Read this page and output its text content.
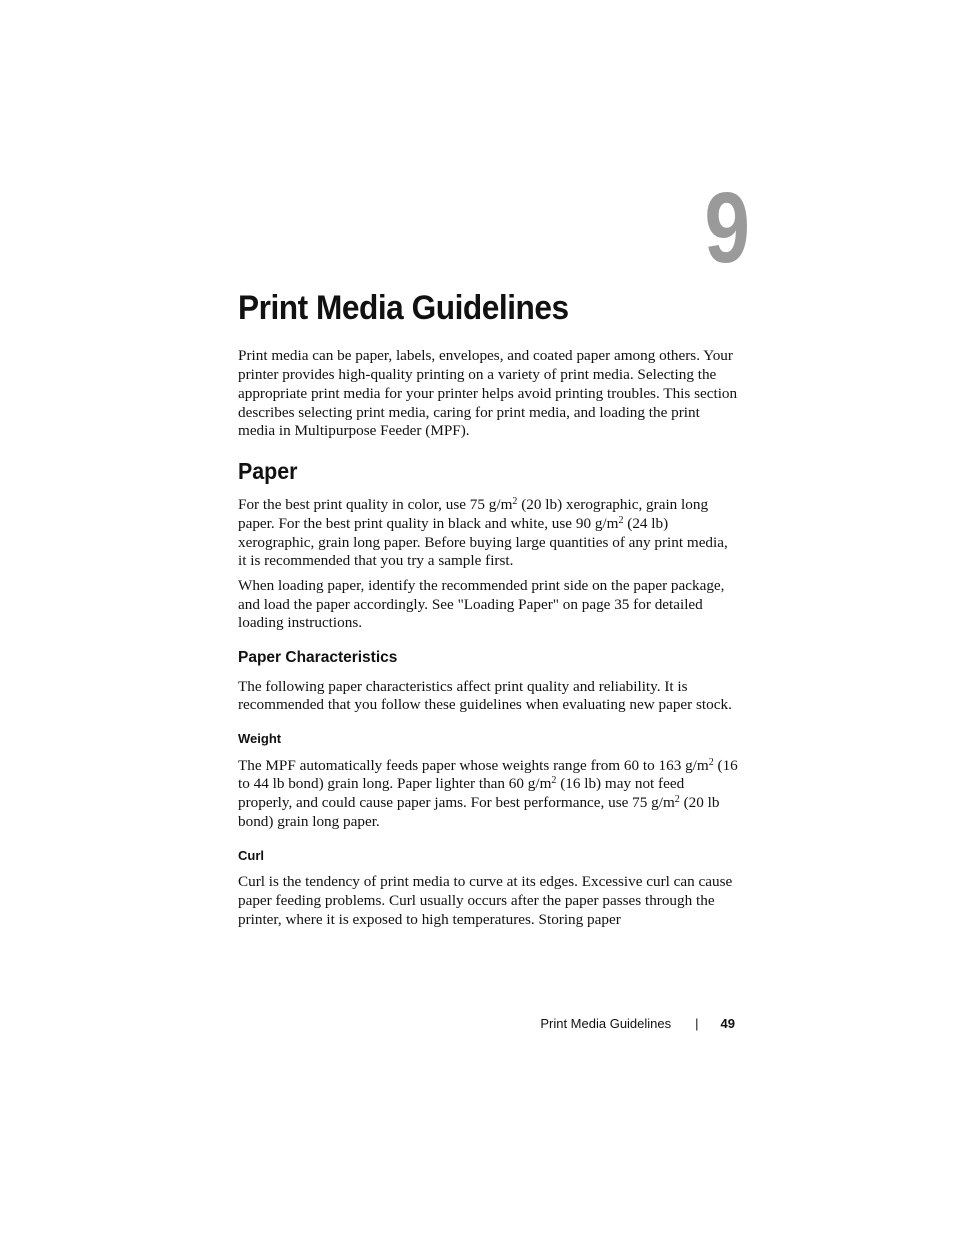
9
Print Media Guidelines

Print media can be paper, labels, envelopes, and coated paper among others. Your printer provides high-quality printing on a variety of print media. Selecting the appropriate print media for your printer helps avoid printing troubles. This section describes selecting print media, caring for print media, and loading the print media in Multipurpose Feeder (MPF).

Paper

For the best print quality in color, use 75 $g/m^2$ (20 lb) xerographic, grain long paper. For the best print quality in black and white, use 90 $g/m^2$ (24 lb) xerographic, grain long paper. Before buying large quantities of any print media, it is recommended that you try a sample first.

When loading paper, identify the recommended print side on the paper package, and load the paper accordingly. See "Loading Paper" on page 35 for detailed loading instructions.

Paper Characteristics

The following paper characteristics affect print quality and reliability. It is recommended that you follow these guidelines when evaluating new paper stock.

Weight

The MPF automatically feeds paper whose weights range from 60 to 163 $g/m^2$ (16 to 44 lb bond) grain long. Paper lighter than 60 $g/m^2$ (16 lb) may not feed properly, and could cause paper jams. For best performance, use 75 $g/m^2$ (20 lb bond) grain long paper.

Curl

Curl is the tendency of print media to curve at its edges. Excessive curl can cause paper feeding problems. Curl usually occurs after the paper passes through the printer, where it is exposed to high temperatures. Storing paper

Print Media Guidelines | 49
